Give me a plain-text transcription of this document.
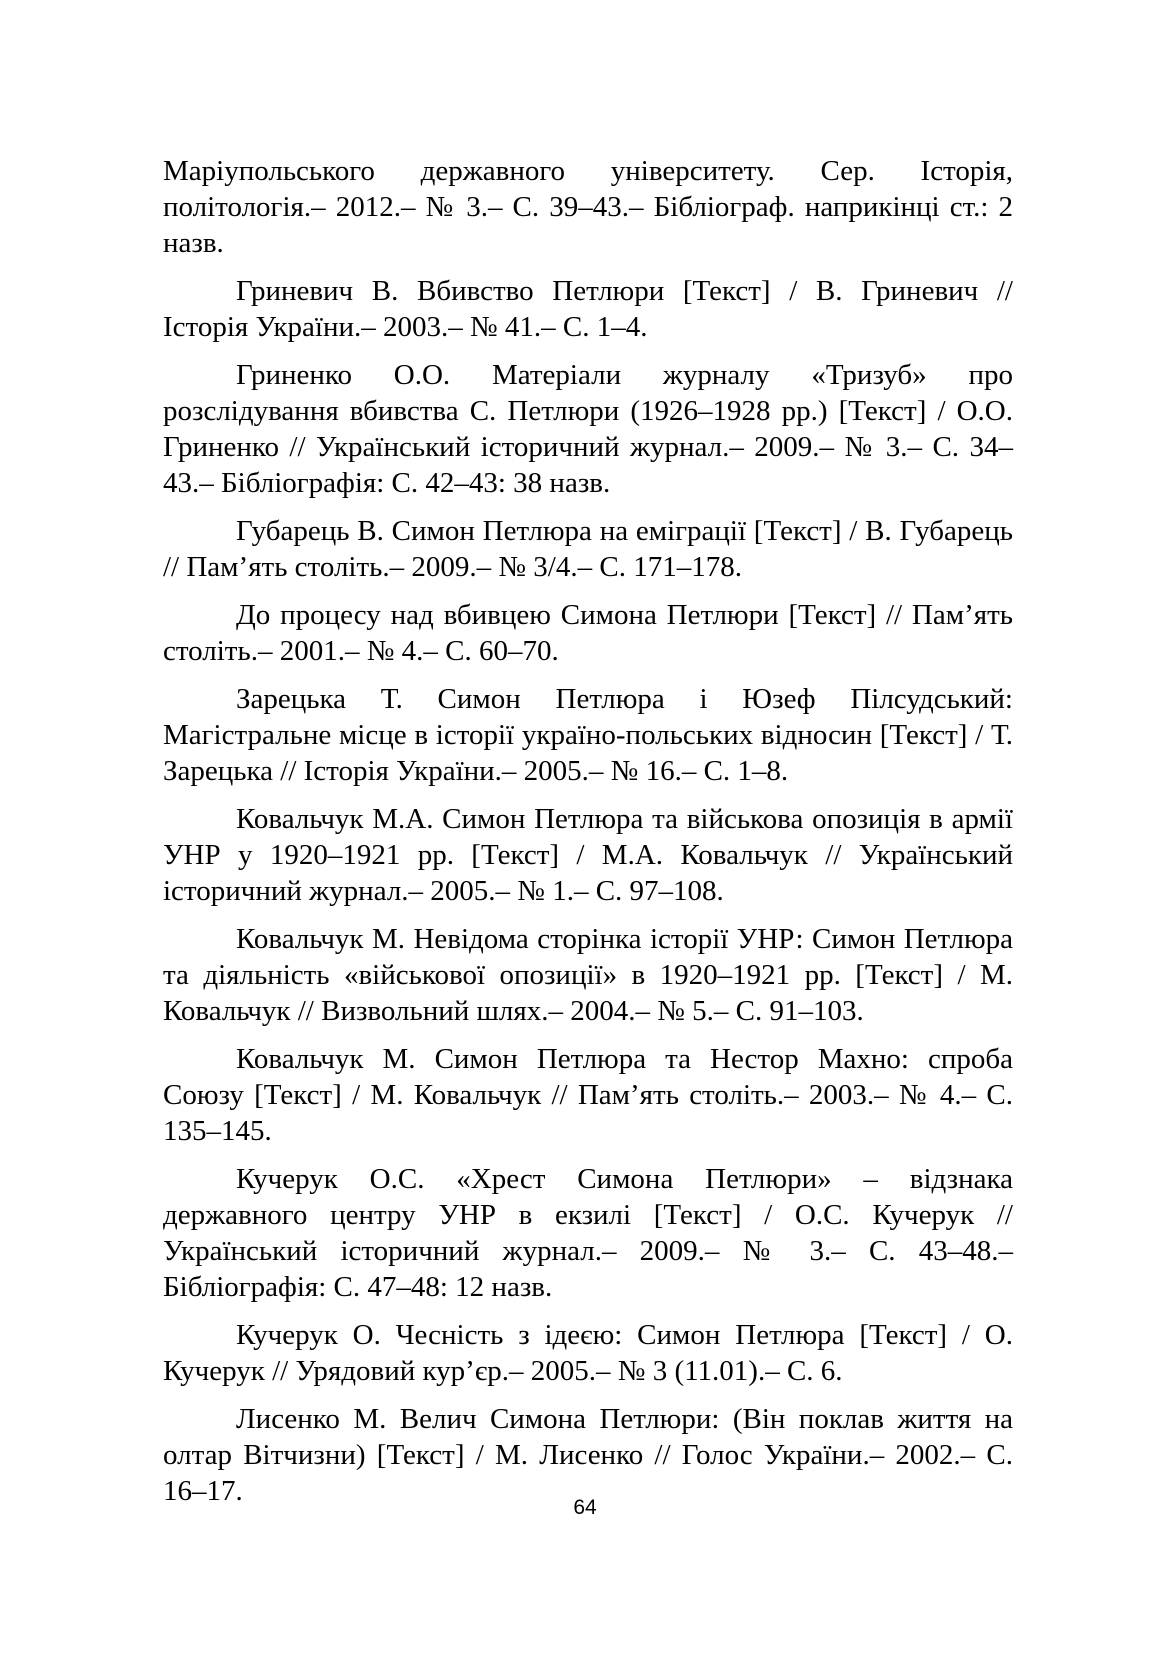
Маріупольського державного університету. Сер. Історія, політологія.– 2012.– № 3.– С. 39–43.– Бібліограф. наприкінці ст.: 2 назв.

Гриневич В. Вбивство Петлюри [Текст] / В. Гриневич // Історія України.– 2003.– № 41.– С. 1–4.

Гриненко О.О. Матеріали журналу «Тризуб» про розслідування вбивства С. Петлюри (1926–1928 рр.) [Текст] / О.О. Гриненко // Український історичний журнал.– 2009.– № 3.– С. 34–43.– Бібліографія: С. 42–43: 38 назв.

Губарець В. Симон Петлюра на еміграції [Текст] / В. Губарець // Пам’ять століть.– 2009.– № 3/4.– С. 171–178.

До процесу над вбивцею Симона Петлюри [Текст] // Пам’ять століть.– 2001.– № 4.– С. 60–70.

Зарецька Т. Симон Петлюра і Юзеф Пілсудський: Магістральне місце в історії україно-польських відносин [Текст] / Т. Зарецька // Історія України.– 2005.– № 16.– С. 1–8.

Ковальчук М.А. Симон Петлюра та військова опозиція в армії УНР у 1920–1921 рр. [Текст] / М.А. Ковальчук // Український історичний журнал.– 2005.– № 1.– С. 97–108.

Ковальчук М. Невідома сторінка історії УНР: Симон Петлюра та діяльність «військової опозиції» в 1920–1921 рр. [Текст] / М. Ковальчук // Визвольний шлях.– 2004.– № 5.– С. 91–103.

Ковальчук М. Симон Петлюра та Нестор Махно: спроба Союзу [Текст] / М. Ковальчук // Пам’ять століть.– 2003.– № 4.– С. 135–145.

Кучерук О.С. «Хрест Симона Петлюри» – відзнака державного центру УНР в екзилі [Текст] / О.С. Кучерук // Український історичний журнал.– 2009.– № 3.– С. 43–48.– Бібліографія: С. 47–48: 12 назв.

Кучерук О. Чесність з ідеєю: Симон Петлюра [Текст] / О. Кучерук // Урядовий кур’єр.– 2005.– № 3 (11.01).– С. 6.

Лисенко М. Велич Симона Петлюри: (Він поклав життя на олтар Вітчизни) [Текст] / М. Лисенко // Голос України.– 2002.– С. 16–17.

64
